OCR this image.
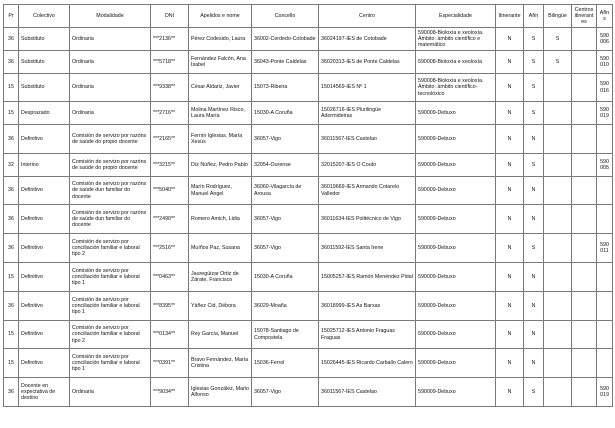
Pr	Colectivo	Modalidade	DNI	Apelidos e nome	Concello	Centro	Especialidade	Itinerante	Afín	Bilingüe	Centros itinerantes	Afíns
36	Substituto	Ordinaria	***2136**	Pérez Codesido, Laura	36002-Cerdedo-Cotobade	36024197-IES de Cotobade	590008-Bioloxía e xeoloxía. Ámbito: ámbito científico e matemático	N	S	S		590006
36	Substituto	Ordinaria	***5718**	Fernández Falcón, Ana Isabel	36043-Ponte Caldelas	36020313-IES de Ponte Caldelas	590008-Bioloxía e xeoloxía	N	S	S		590010
15	Substituto	Ordinaria	***9338**	César Aldariz, Javier	15073-Ribeira	15014569-IES Nº 1	590008-Bioloxía e xeoloxía. Ámbito: ámbito científico-tecnolóxico	N	S			590016
15	Desprazado	Ordinaria	***2716**	Molina Martínez Risco, Laura María	15030-A Coruña	15026716-IES Plurilingüe Adormideiras	590009-Debuxo	N	S			590019
36	Definitivo	Comisión de servizo por razóns de saúde do propio docente	***2165**	Fernín Iglesias, María Xesús	36057-Vigo	36011567-IES Castelao	590009-Debuxo	N	N			
32	Interino	Comisión de servizo por razóns de saúde do propio docente	***3215**	Díz Núñez, Pedro Pablo	32054-Ourense	32015207-IES O Couto	590009-Debuxo	N	S			590005
36	Definitivo	Comisión de servizo por razóns de saúde dun familiar do docente	***5040**	Marín Rodríguez, Manuel Ángel	36060-Vilagarcía de Arousa	36019669-IES Armando Cotarelo Valledor	590009-Debuxo	N	N			
36	Definitivo	Comisión de servizo por razóns de saúde dun familiar do docente	***2490**	Romero Amich, Lidia	36057-Vigo	36011634-IES Politécnico de Vigo	590009-Debuxo	N	N			
36	Definitivo	Comisión de servizo por conciliación familiar e laboral tipo 2	***2516**	Muíños Paz, Susana	36057-Vigo	36011592-IES Santa Irene	590009-Debuxo	N	S			590011
15	Definitivo	Comisión de servizo por conciliación familiar e laboral tipo 1	***0463**	Jauregúizar Ortiz de Zárate, Francisco	15030-A Coruña	15005257-IES Ramón Menéndez Pidal	590009-Debuxo	N	N			
36	Definitivo	Comisión de servizo por conciliación familiar e laboral tipo 1	***8395**	Yáñez Cid, Débora	36029-Moaña	36018999-IES As Barxas	590009-Debuxo	N	N			
15	Definitivo	Comisión de servizo por conciliación familiar e laboral tipo 2	***0134**	Rey García, Manuel	15078-Santiago de Compostela	15025712-IES Antonio Fraguas Fraguas	590009-Debuxo	N	N			
15	Definitivo	Comisión de servizo por conciliación familiar e laboral tipo 1	***0391**	Bravo Fernández, María Cristina	15036-Ferrol	15026445-IES Ricardo Carballo Calero	590009-Debuxo	N	N			
36	Docente en expectativa de destino	Ordinaria	***9034**	Iglesias González, Mario Alfonso	36057-Vigo	36011567-IES Castelao	590009-Debuxo	N	S			590019
